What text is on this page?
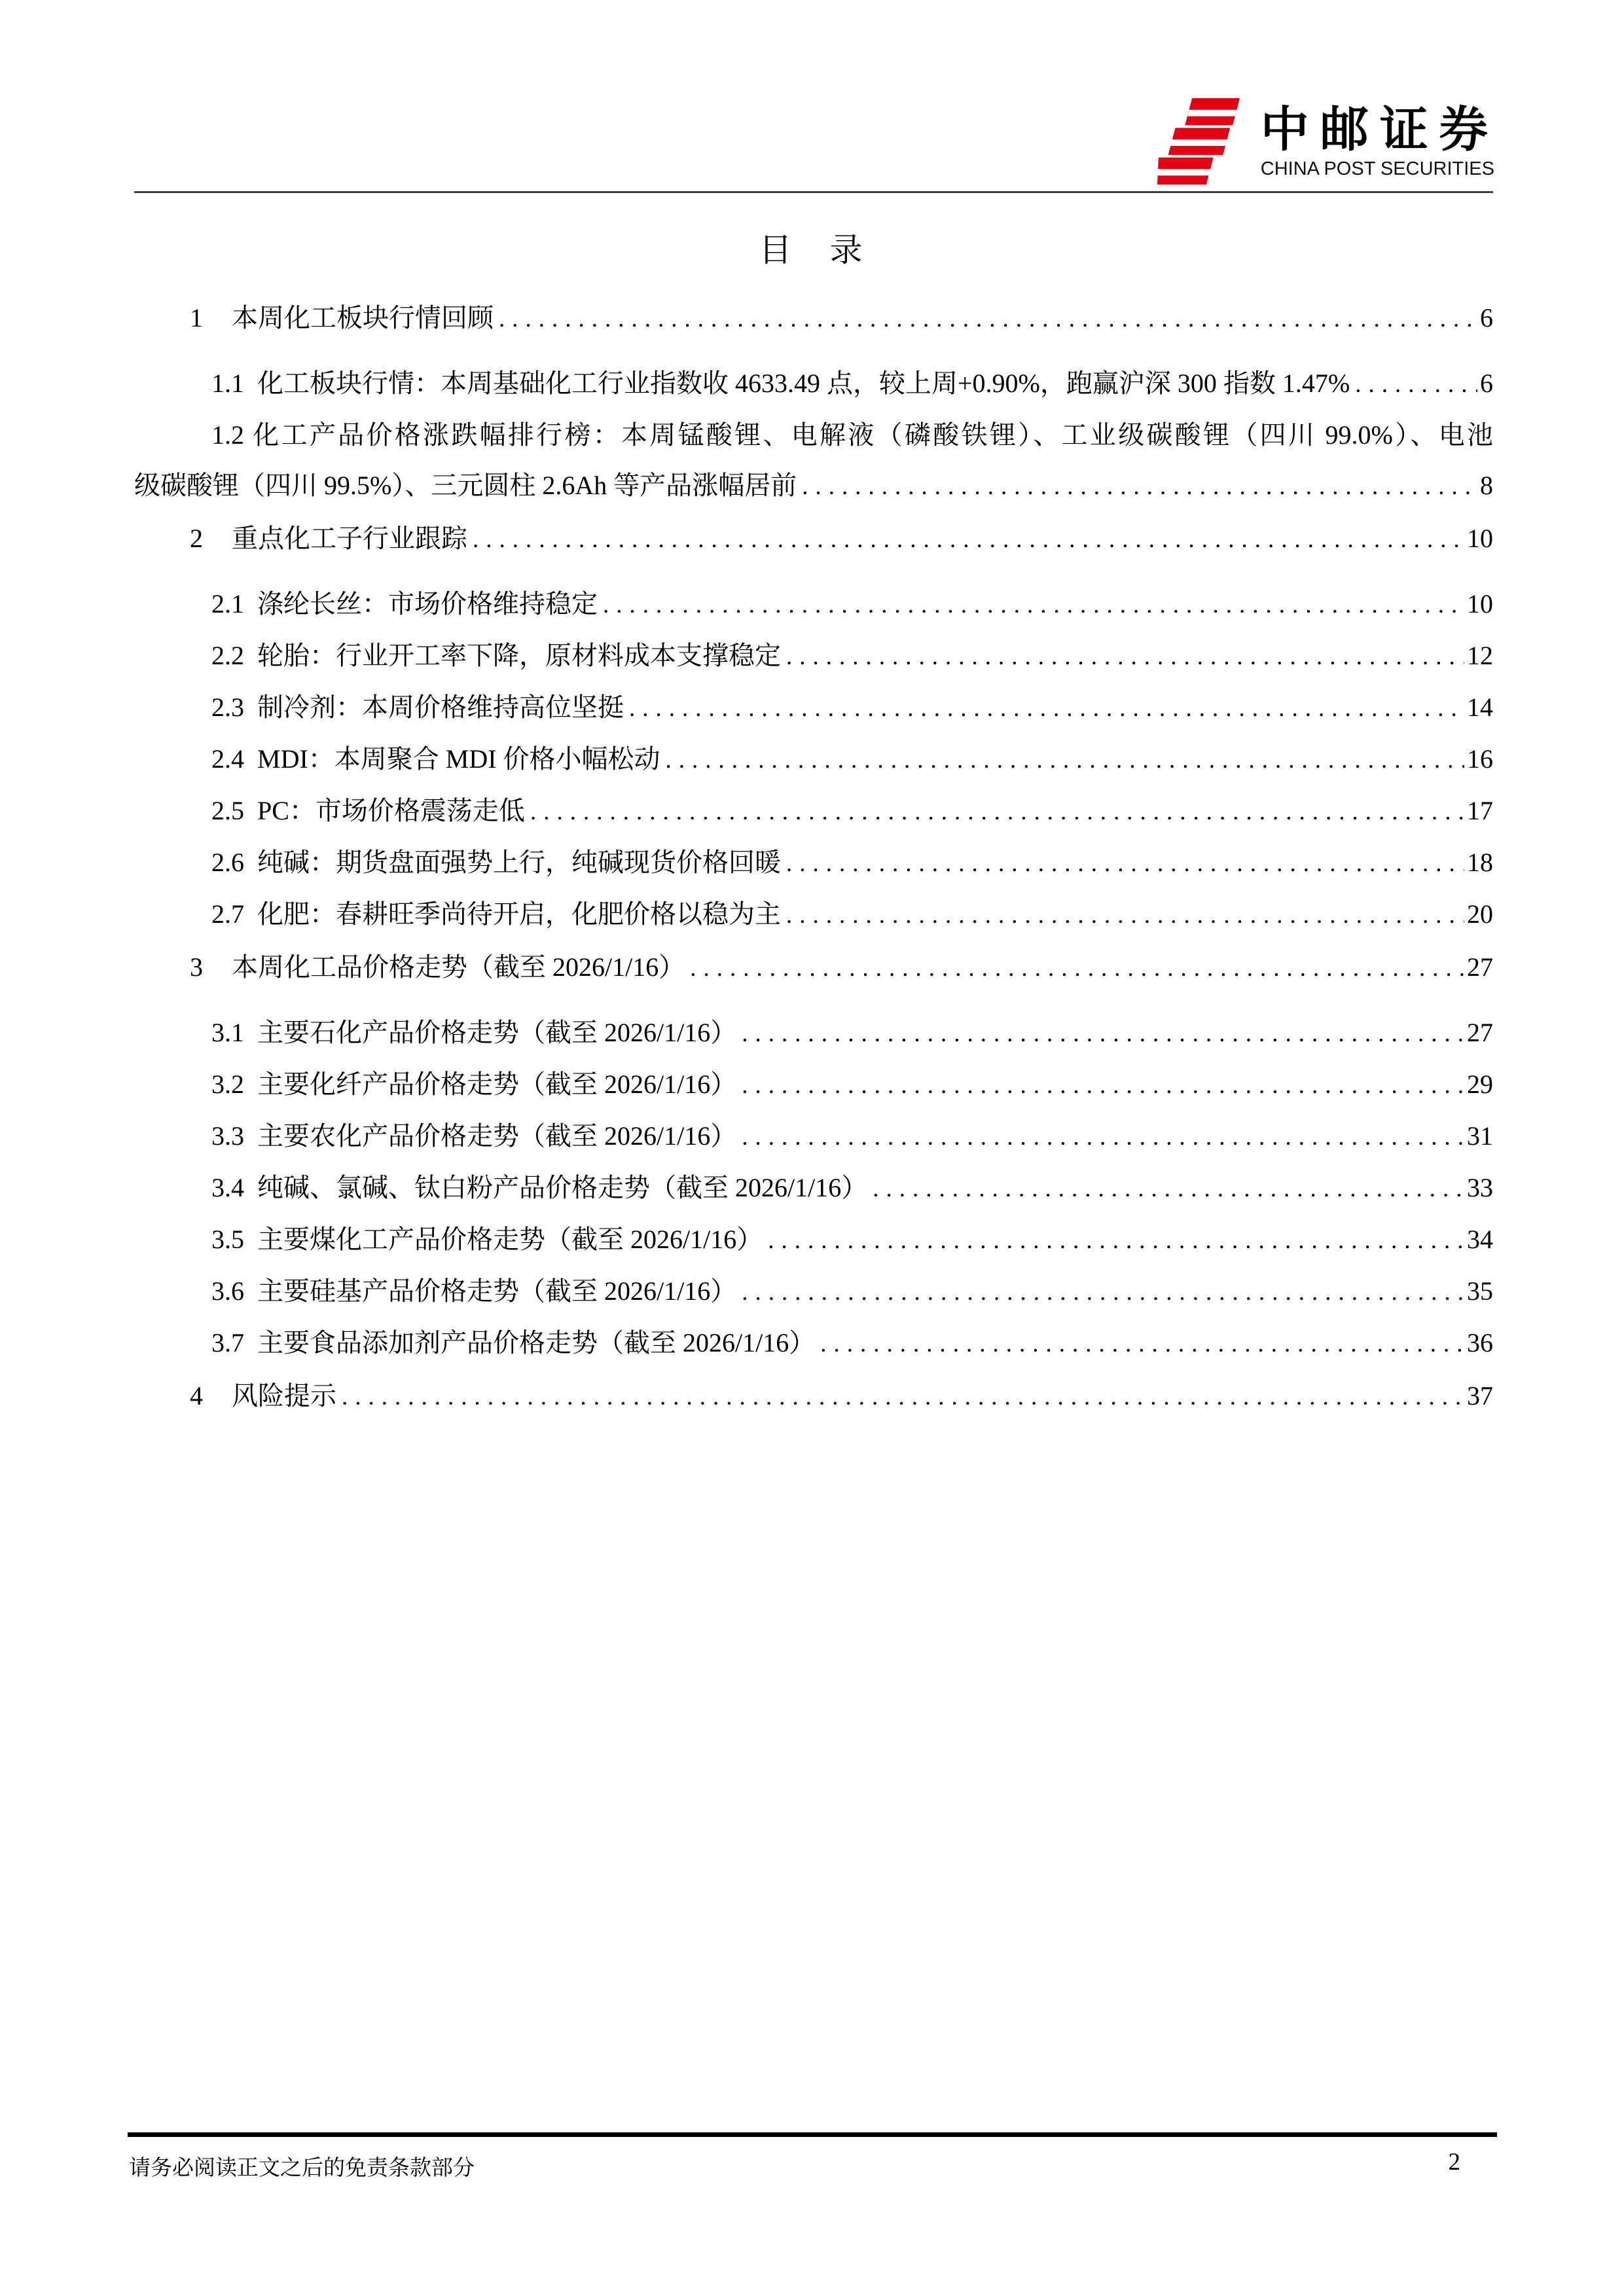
中邮证券
CHINA POST SECURITIES
目　录
1 本周化工板块行情回顾 .....	6
1.1 化工板块行情：本周基础化工行业指数收 4633.49 点，较上周+0.90%，跑赢沪深 300 指数 1.47% .....	6
1.2 化工产品价格涨跌幅排行榜：本周锰酸锂、电解液（磷酸铁锂）、工业级碳酸锂（四川 99.0%）、电池
级碳酸锂（四川 99.5%）、三元圆柱 2.6Ah 等产品涨幅居前 .....	8
2 重点化工子行业跟踪 .....	10
2.1 涤纶长丝：市场价格维持稳定 .....	10
2.2 轮胎：行业开工率下降，原材料成本支撑稳定 .....	12
2.3 制冷剂：本周价格维持高位坚挺 .....	14
2.4 MDI：本周聚合 MDI 价格小幅松动 .....	16
2.5 PC：市场价格震荡走低 .....	17
2.6 纯碱：期货盘面强势上行，纯碱现货价格回暖 .....	18
2.7 化肥：春耕旺季尚待开启，化肥价格以稳为主 .....	20
3 本周化工品价格走势（截至 2026/1/16） .....	27
3.1 主要石化产品价格走势（截至 2026/1/16） .....	27
3.2 主要化纤产品价格走势（截至 2026/1/16） .....	29
3.3 主要农化产品价格走势（截至 2026/1/16） .....	31
3.4 纯碱、氯碱、钛白粉产品价格走势（截至 2026/1/16） .....	33
3.5 主要煤化工产品价格走势（截至 2026/1/16） .....	34
3.6 主要硅基产品价格走势（截至 2026/1/16） .....	35
3.7 主要食品添加剂产品价格走势（截至 2026/1/16） .....	36
4 风险提示 .....	37
请务必阅读正文之后的免责条款部分	2
